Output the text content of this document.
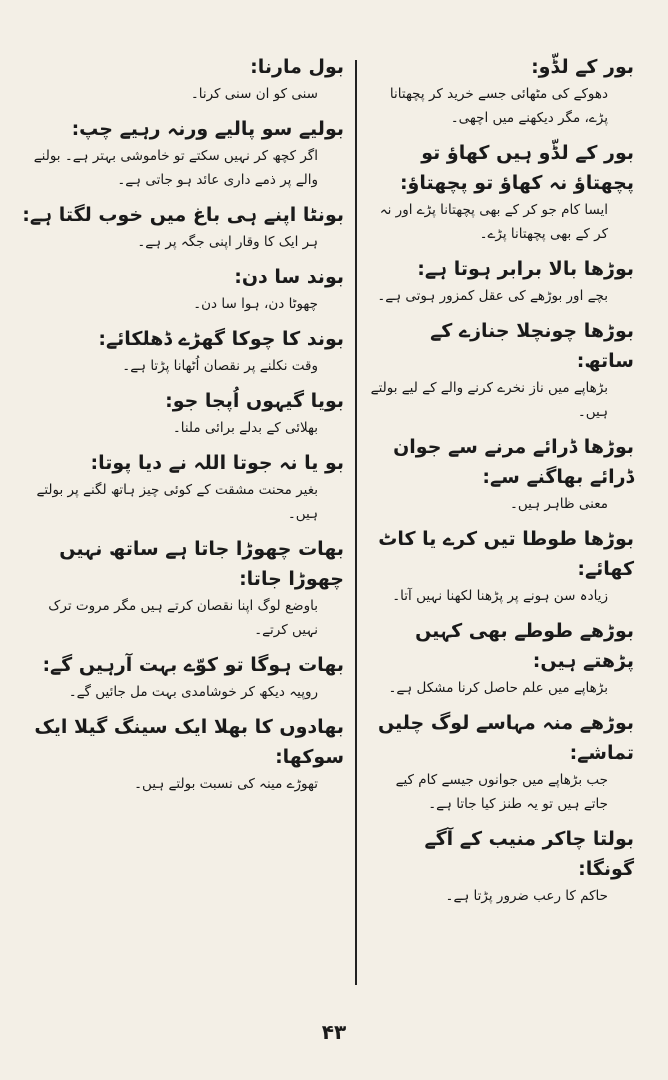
بور کے لڈّو:

دھوکے کی مٹھائی جسے خرید کر پچھتانا پڑے، مگر دیکھنے میں اچھی۔

بور کے لڈّو ہیں کھاؤ تو پچھتاؤ نہ کھاؤ تو پچھتاؤ:

ایسا کام جو کر کے بھی پچھتانا پڑے اور نہ کر کے بھی پچھتانا پڑے۔

بوڑھا بالا برابر ہوتا ہے:

بچے اور بوڑھے کی عقل کمزور ہوتی ہے۔

بوڑھا چونچلا جنازے کے ساتھ:

بڑھاپے میں ناز نخرے کرنے والے کے لیے بولتے ہیں۔

بوڑھا ڈرائے مرنے سے جوان ڈرائے بھاگنے سے:

معنی ظاہر ہیں۔

بوڑھا طوطا تیں کرے یا کاٹ کھائے:

زیادہ سن ہونے پر پڑھنا لکھنا نہیں آتا۔

بوڑھے طوطے بھی کہیں پڑھتے ہیں:

بڑھاپے میں علم حاصل کرنا مشکل ہے۔

بوڑھے منہ مہاسے لوگ چلیں تماشے:

جب بڑھاپے میں جوانوں جیسے کام کیے جاتے ہیں تو یہ طنز کیا جاتا ہے۔

بولتا چاکر منیب کے آگے گونگا:

حاکم کا رعب ضرور پڑتا ہے۔

بول مارنا:

سنی کو ان سنی کرنا۔

بولیے سو پالیے ورنہ رہیے چپ:

اگر کچھ کر نہیں سکتے تو خاموشی بہتر ہے۔ بولنے والے پر ذمے داری عائد ہو جاتی ہے۔

بونٹا اپنے ہی باغ میں خوب لگتا ہے:

ہر ایک کا وقار اپنی جگہ پر ہے۔

بوند سا دن:

چھوٹا دن، ہوا سا دن۔

بوند کا چوکا گھڑے ڈھلکائے:

وقت نکلنے پر نقصان اُٹھانا پڑتا ہے۔

بویا گیہوں اُپجا جو:

بھلائی کے بدلے برائی ملنا۔

بو یا نہ جوتا اللہ نے دیا پوتا:

بغیر محنت مشقت کے کوئی چیز ہاتھ لگنے پر بولتے ہیں۔

بھات چھوڑا جاتا ہے ساتھ نہیں چھوڑا جاتا:

باوضع لوگ اپنا نقصان کرتے ہیں مگر مروت ترک نہیں کرتے۔

بھات ہوگا تو کوّے بہت آرہیں گے:

روپیہ دیکھ کر خوشامدی بہت مل جائیں گے۔

بھادوں کا بھلا ایک سینگ گیلا ایک سوکھا:

تھوڑے مینہ کی نسبت بولتے ہیں۔

۴۳
